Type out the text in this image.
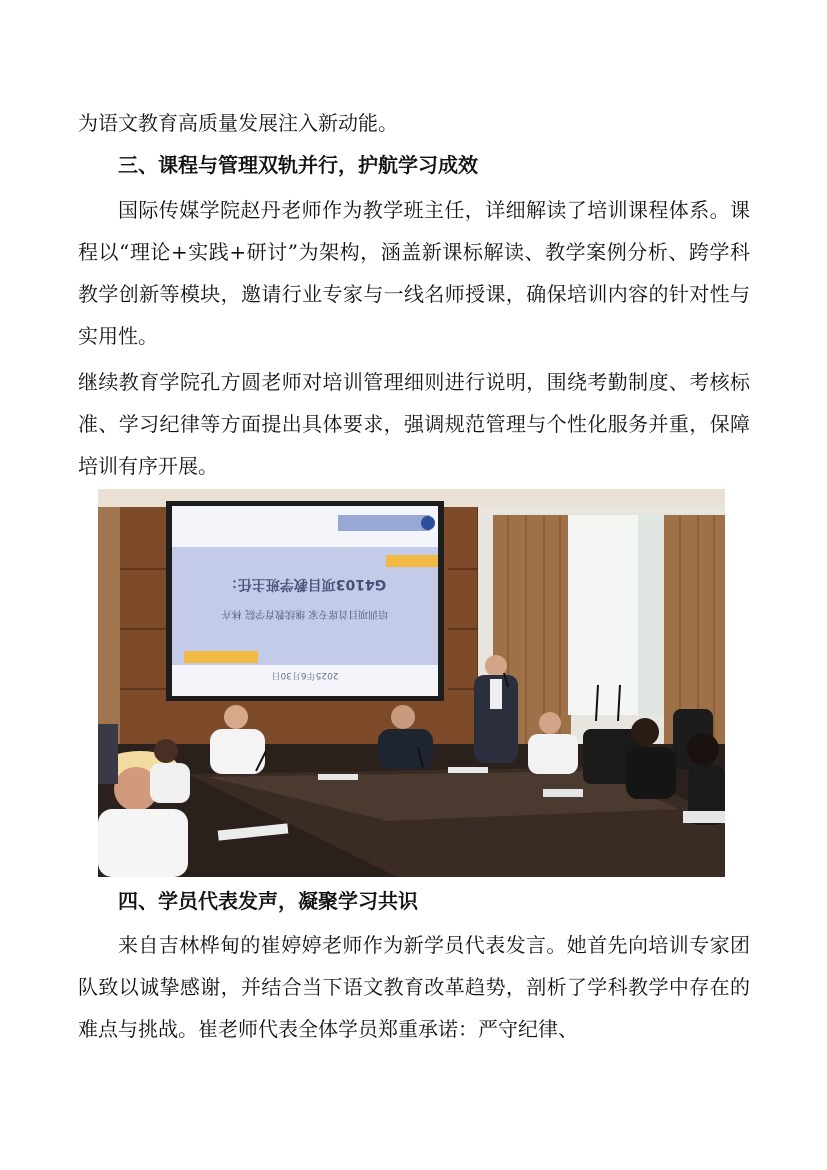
为语文教育高质量发展注入新动能。

三、课程与管理双轨并行，护航学习成效

国际传媒学院赵丹老师作为教学班主任，详细解读了培训课程体系。课程以“理论+实践+研讨”为架构，涵盖新课标解读、教学案例分析、跨学科教学创新等模块，邀请行业专家与一线名师授课，确保培训内容的针对性与实用性。

继续教育学院孔方圆老师对培训管理细则进行说明，围绕考勤制度、考核标准、学习纪律等方面提出具体要求，强调规范管理与个性化服务并重，保障培训有序开展。

G4103项目教学班主任：
培训项目首席专家 继续教育学院 林卉
2025年6月30日
四、学员代表发声，凝聚学习共识

来自吉林桦甸的崔婷婷老师作为新学员代表发言。她首先向培训专家团队致以诚挚感谢，并结合当下语文教育改革趋势，剖析了学科教学中存在的难点与挑战。崔老师代表全体学员郑重承诺：严守纪律、
